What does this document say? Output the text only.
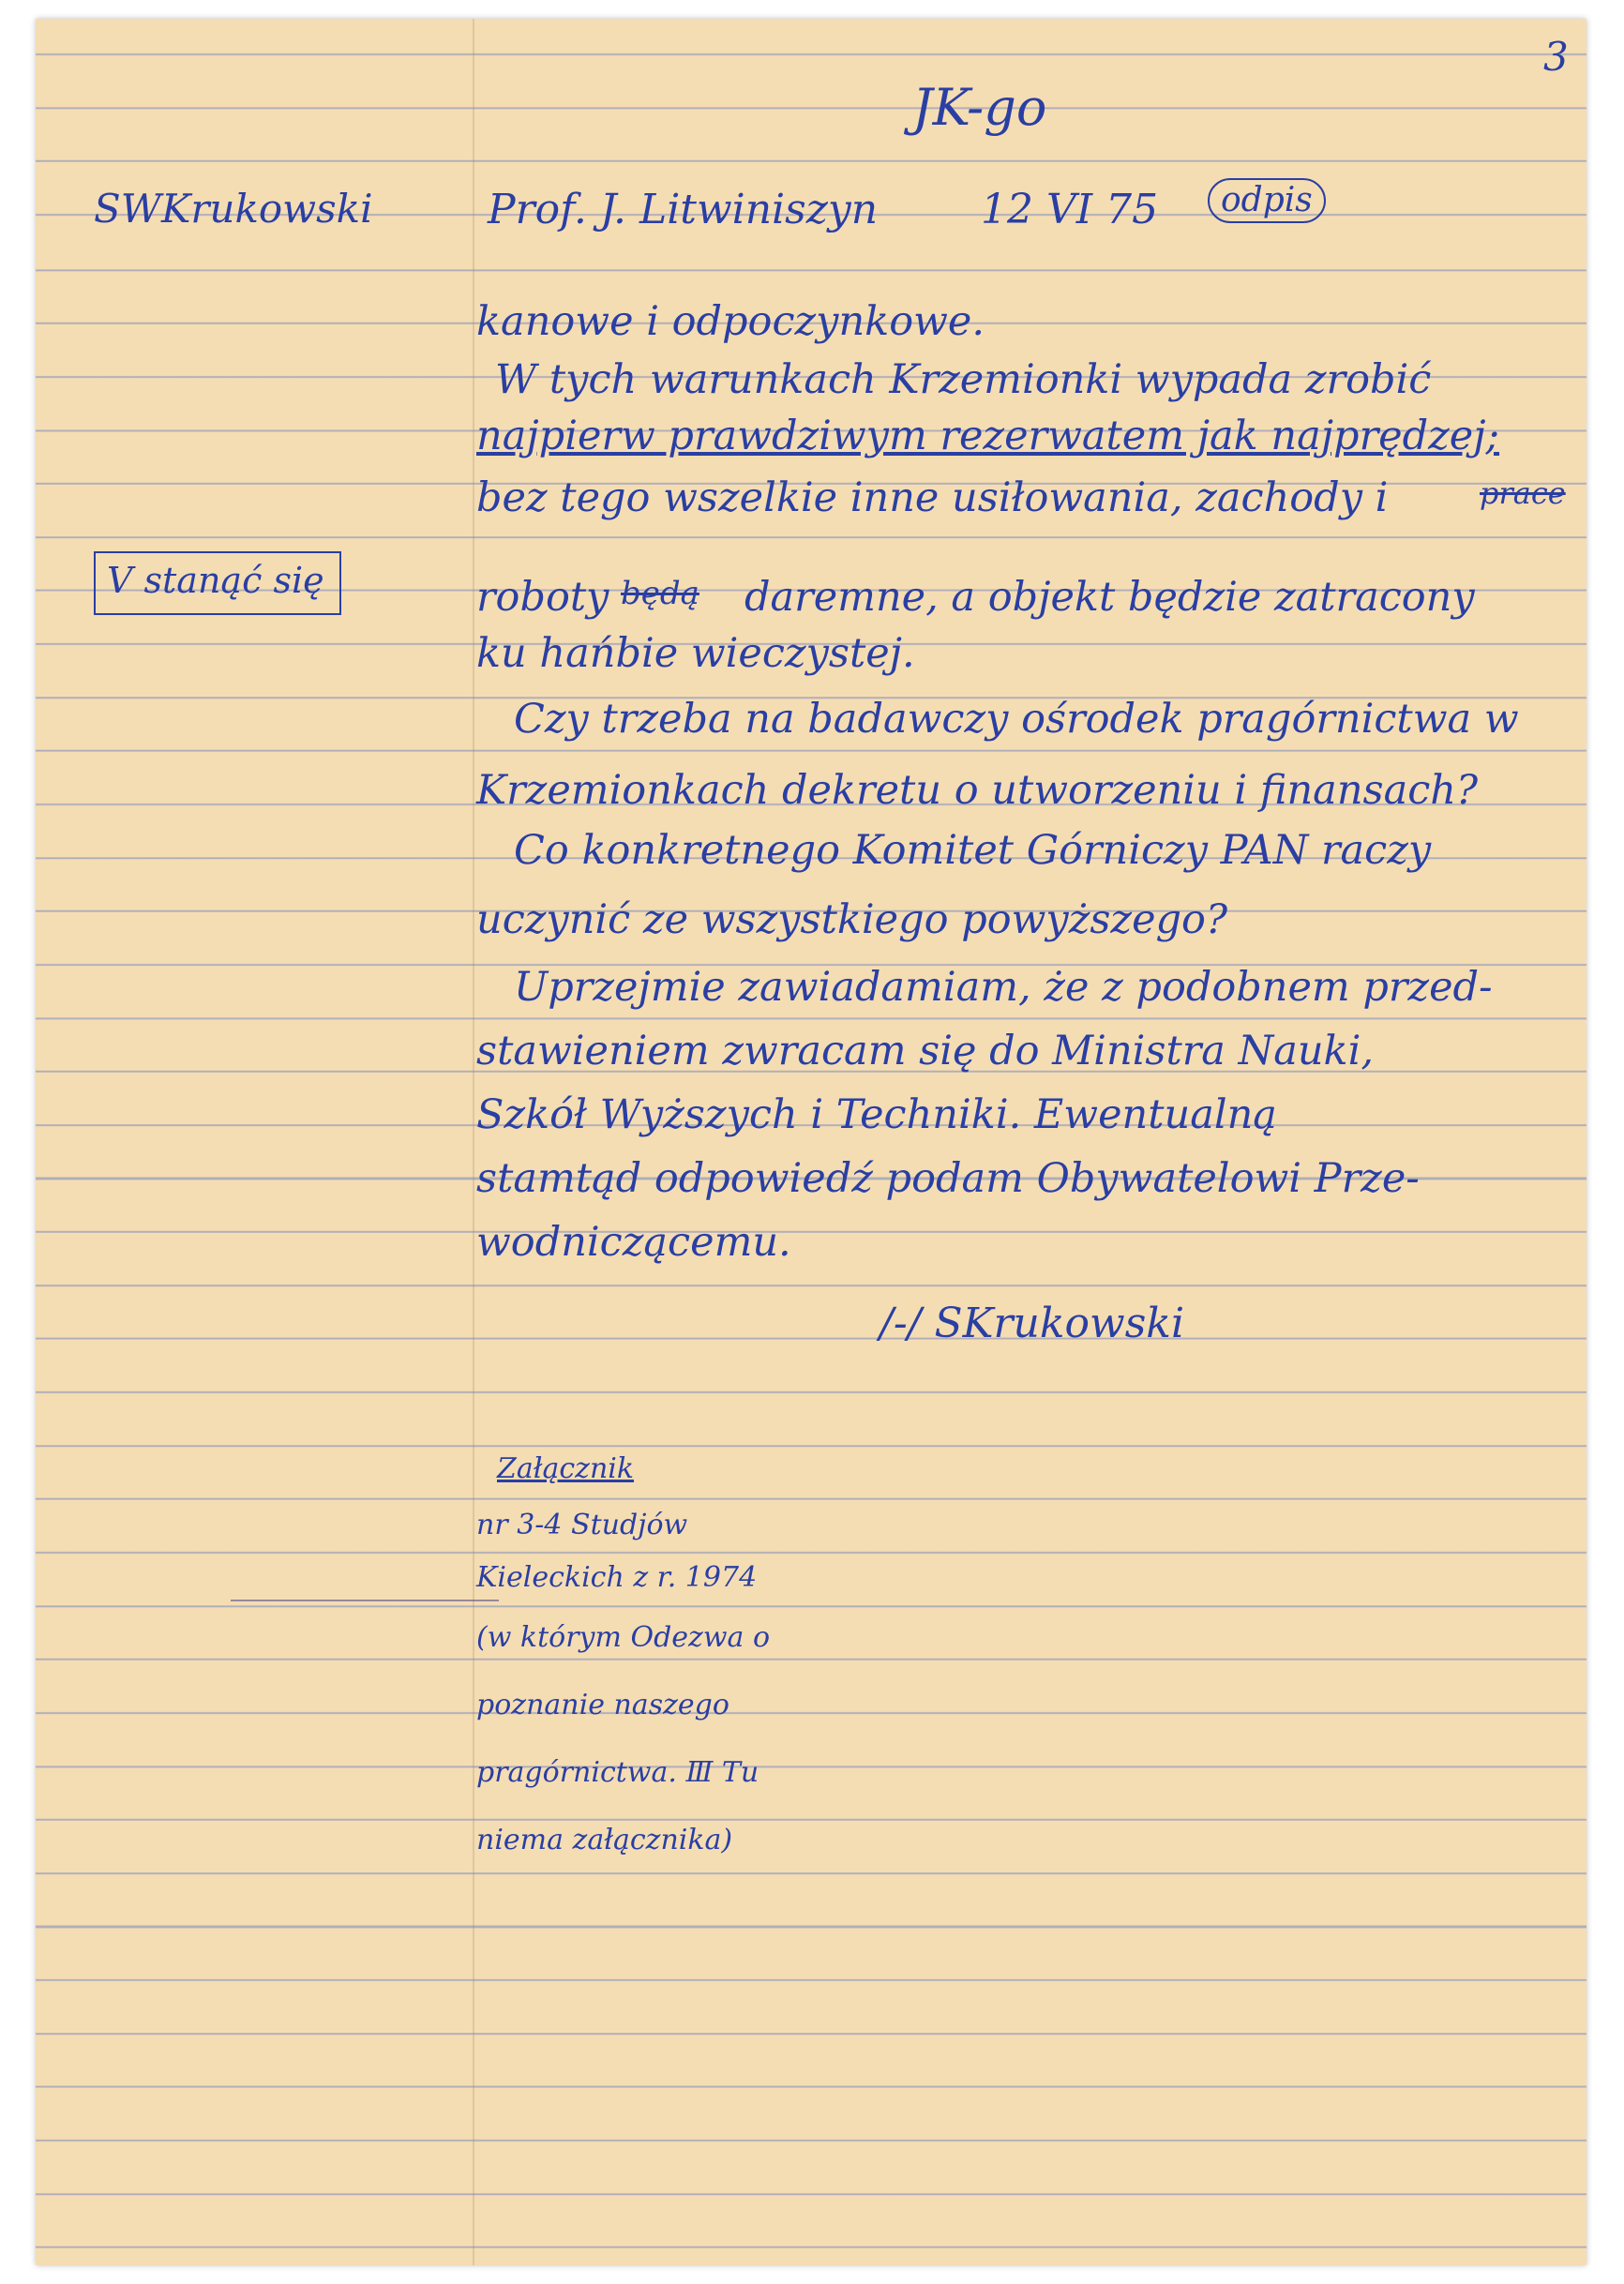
3
JK-go
SWKrukowski	Prof. J. Litwiniszyn 12 VI 75	odpis
V stanąć się
kanowe i odpoczynkowe.
W tych warunkach Krzemionki wypada zrobić
najpierw prawdziwym rezerwatem jak najprędzej;
bez tego wszelkie inne usiłowania, zachody i	prace
roboty będą daremne, a objekt będzie zatracony
ku hańbie wieczystej.
Czy trzeba na badawczy ośrodek pragórnictwa w
Krzemionkach dekretu o utworzeniu i finansach?
Co konkretnego Komitet Górniczy PAN raczy
uczynić ze wszystkiego powyższego?
Uprzejmie zawiadamiam, że z podobnem przed-
stawieniem zwracam się do Ministra Nauki,
Szkół Wyższych i Techniki. Ewentualną
stamtąd odpowiedź podam Obywatelowi Prze-
wodniczącemu.
/-/ SKrukowski
Załącznik
nr 3-4 Studjów
Kieleckich z r. 1974
(w którym Odezwa o
poznanie naszego
pragórnictwa. Ⅲ Tu
niema załącznika)
